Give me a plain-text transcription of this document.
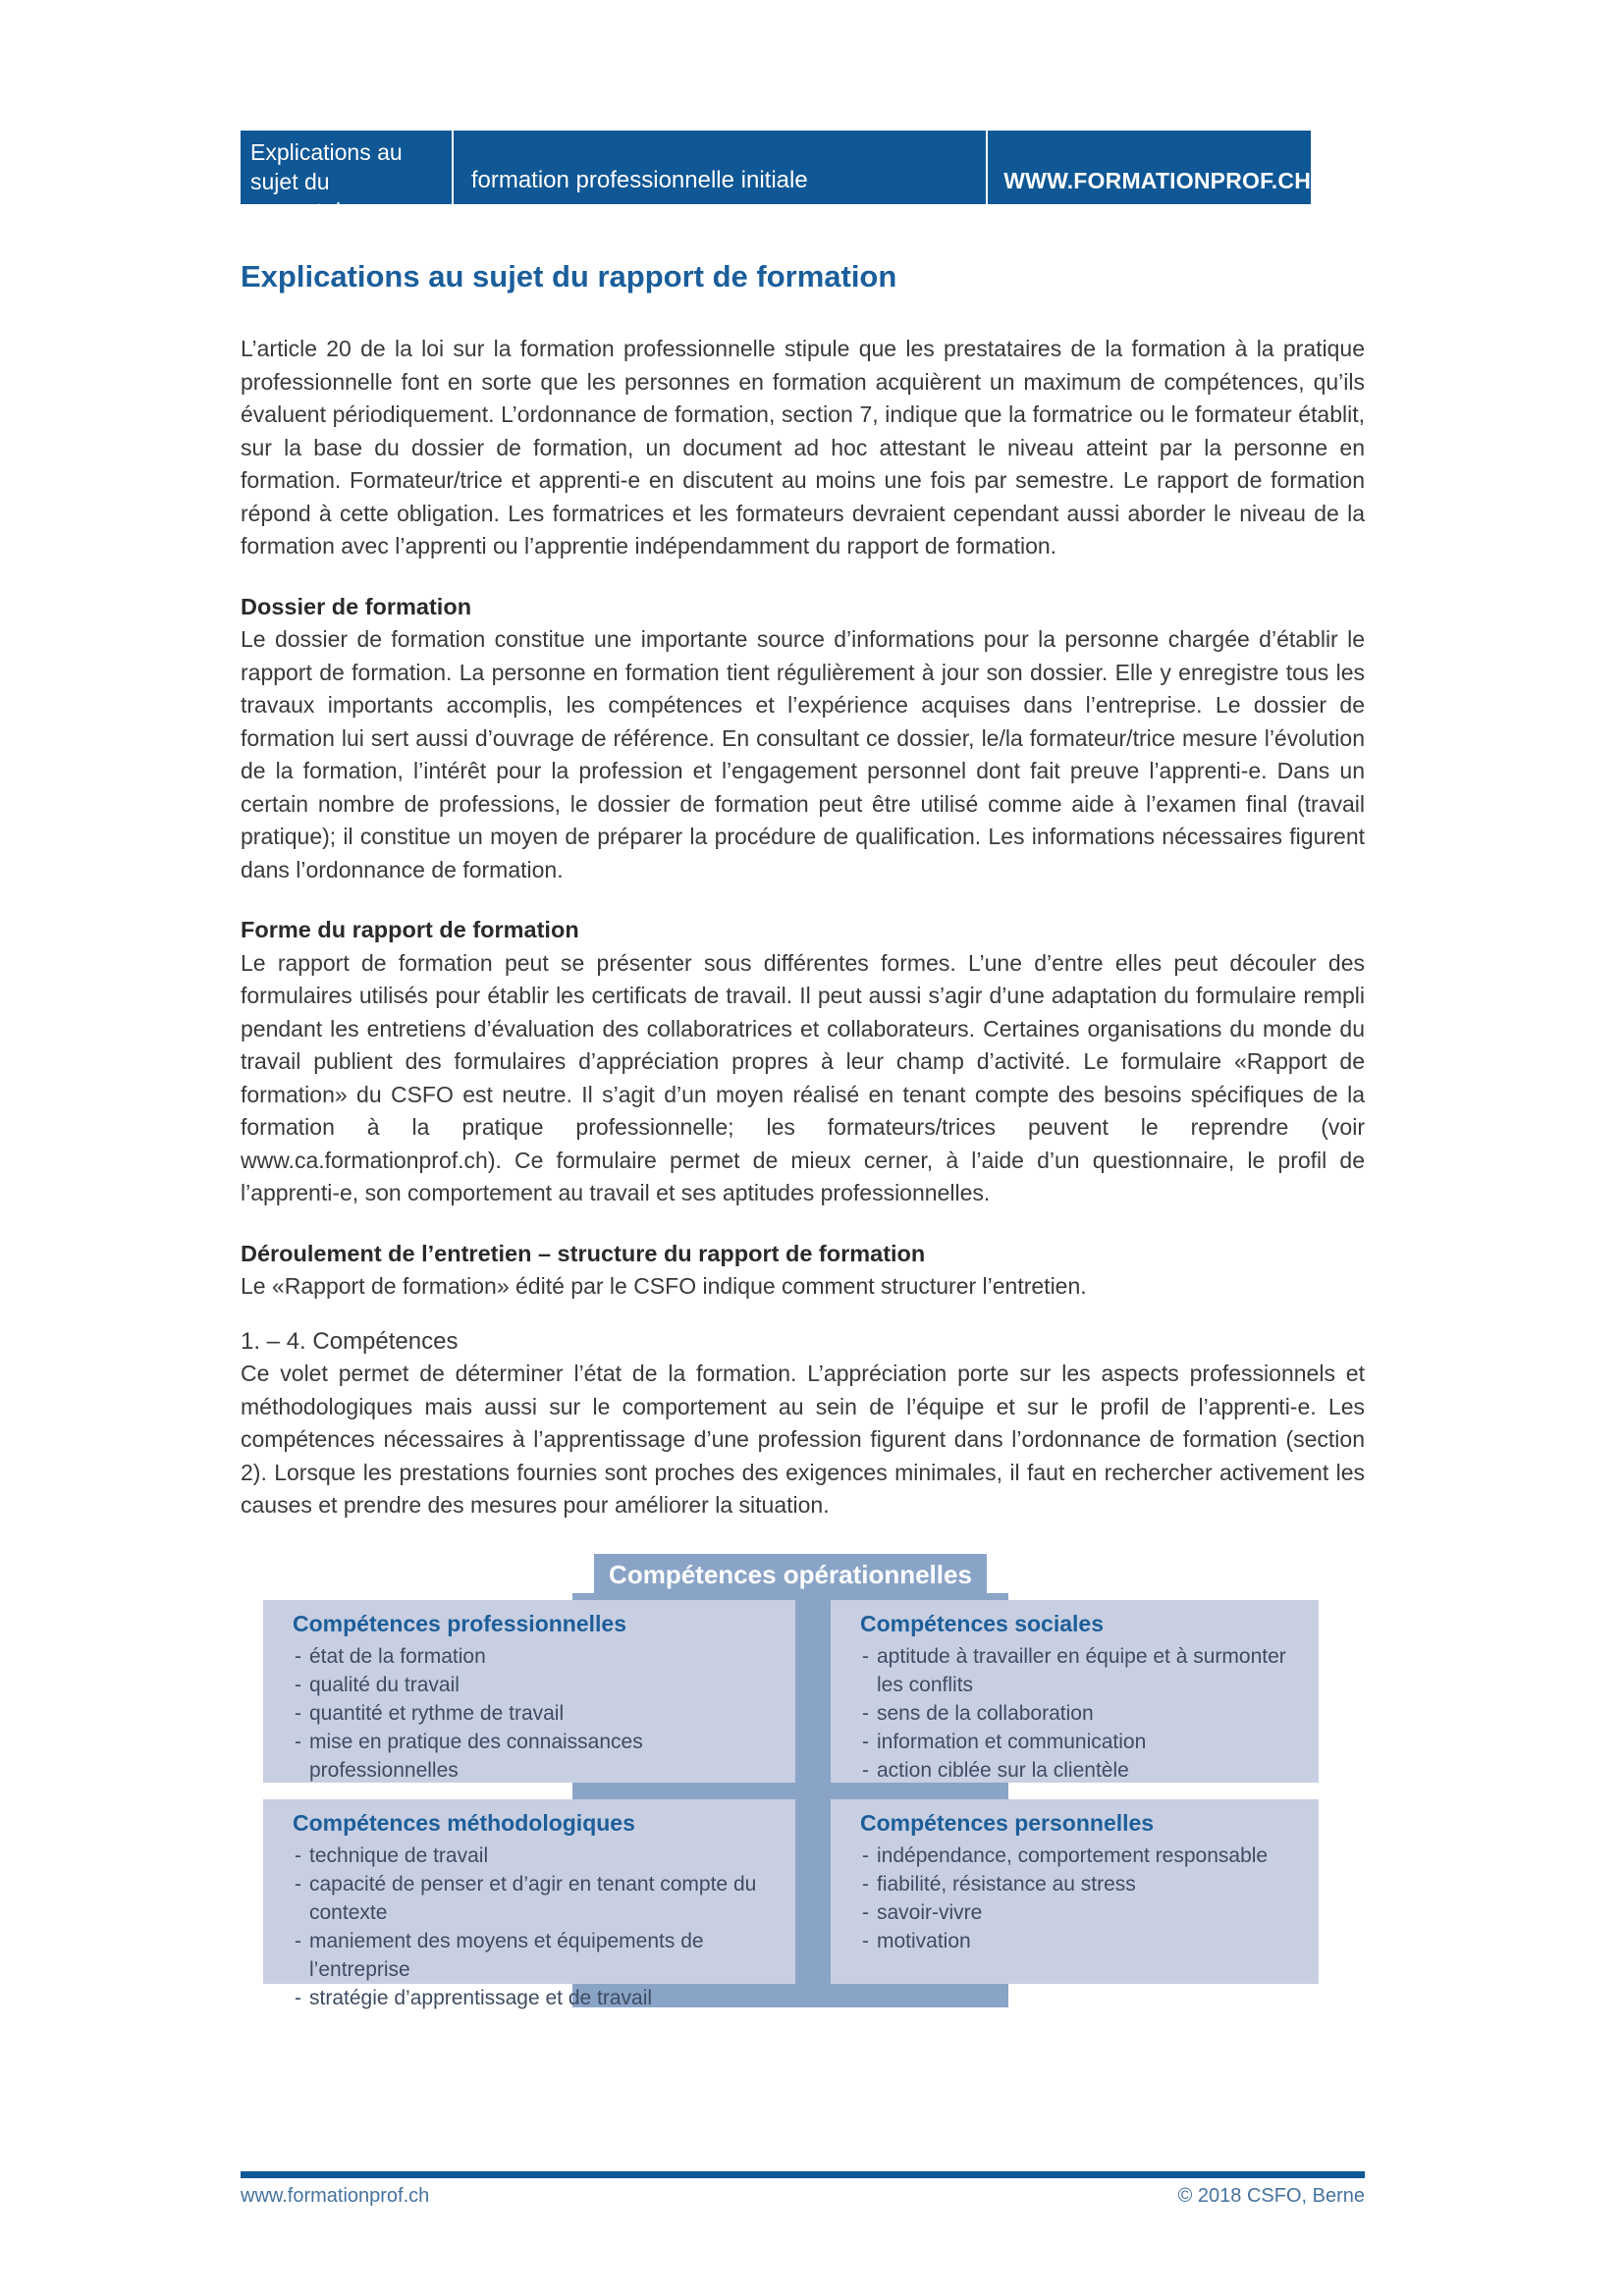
Explications au sujet du
rapport de formation
formation professionnelle initiale	WWW.FORMATIONPROF.CH
Explications au sujet du rapport de formation

L’article 20 de la loi sur la formation professionnelle stipule que les prestataires de la formation à la pratique professionnelle font en sorte que les personnes en formation acquièrent un maximum de compétences, qu’ils évaluent périodiquement. L’ordonnance de formation, section 7, indique que la formatrice ou le formateur établit, sur la base du dossier de formation, un document ad hoc attestant le niveau atteint par la personne en formation. Formateur/trice et apprenti-e en discutent au moins une fois par semestre. Le rapport de formation répond à cette obligation. Les formatrices et les formateurs devraient cependant aussi aborder le niveau de la formation avec l’apprenti ou l’apprentie indépendamment du rapport de formation.

Dossier de formation

Le dossier de formation constitue une importante source d’informations pour la personne chargée d’établir le rapport de formation. La personne en formation tient régulièrement à jour son dossier. Elle y enregistre tous les travaux importants accomplis, les compétences et l’expérience acquises dans l’entreprise. Le dossier de formation lui sert aussi d’ouvrage de référence. En consultant ce dossier, le/la formateur/trice mesure l’évolution de la formation, l’intérêt pour la profession et l’engagement personnel dont fait preuve l’apprenti-e. Dans un certain nombre de professions, le dossier de formation peut être utilisé comme aide à l’examen final (travail pratique); il constitue un moyen de préparer la procédure de qualification. Les informations nécessaires figurent dans l’ordonnance de formation.

Forme du rapport de formation

Le rapport de formation peut se présenter sous différentes formes. L’une d’entre elles peut découler des formulaires utilisés pour établir les certificats de travail. Il peut aussi s’agir d’une adaptation du formulaire rempli pendant les entretiens d’évaluation des collaboratrices et collaborateurs. Certaines organisations du monde du travail publient des formulaires d’appréciation propres à leur champ d’activité. Le formulaire «Rapport de formation» du CSFO est neutre. Il s’agit d’un moyen réalisé en tenant compte des besoins spécifiques de la formation à la pratique professionnelle; les formateurs/trices peuvent le reprendre (voir www.ca.formationprof.ch). Ce formulaire permet de mieux cerner, à l’aide d’un questionnaire, le profil de l’apprenti-e, son comportement au travail et ses aptitudes professionnelles.

Déroulement de l’entretien – structure du rapport de formation

Le «Rapport de formation» édité par le CSFO indique comment structurer l’entretien.

1. – 4. Compétences

Ce volet permet de déterminer l’état de la formation. L’appréciation porte sur les aspects professionnels et méthodologiques mais aussi sur le comportement au sein de l’équipe et sur le profil de l’apprenti-e. Les compétences nécessaires à l’apprentissage d’une profession figurent dans l’ordonnance de formation (section 2). Lorsque les prestations fournies sont proches des exigences minimales, il faut en rechercher activement les causes et prendre des mesures pour améliorer la situation.

Compétences opérationnelles
Compétences professionnelles
- état de la formation
- qualité du travail
- quantité et rythme de travail
- mise en pratique des connaissances professionnelles
Compétences sociales
- aptitude à travailler en équipe et à surmonter les conflits
- sens de la collaboration
- information et communication
- action ciblée sur la clientèle
Compétences méthodologiques
- technique de travail
- capacité de penser et d’agir en tenant compte du contexte
- maniement des moyens et équipements de l’entreprise
- stratégie d’apprentissage et de travail
Compétences personnelles
- indépendance, comportement responsable
- fiabilité, résistance au stress
- savoir-vivre
- motivation
www.formationprof.ch	© 2018 CSFO, Berne
